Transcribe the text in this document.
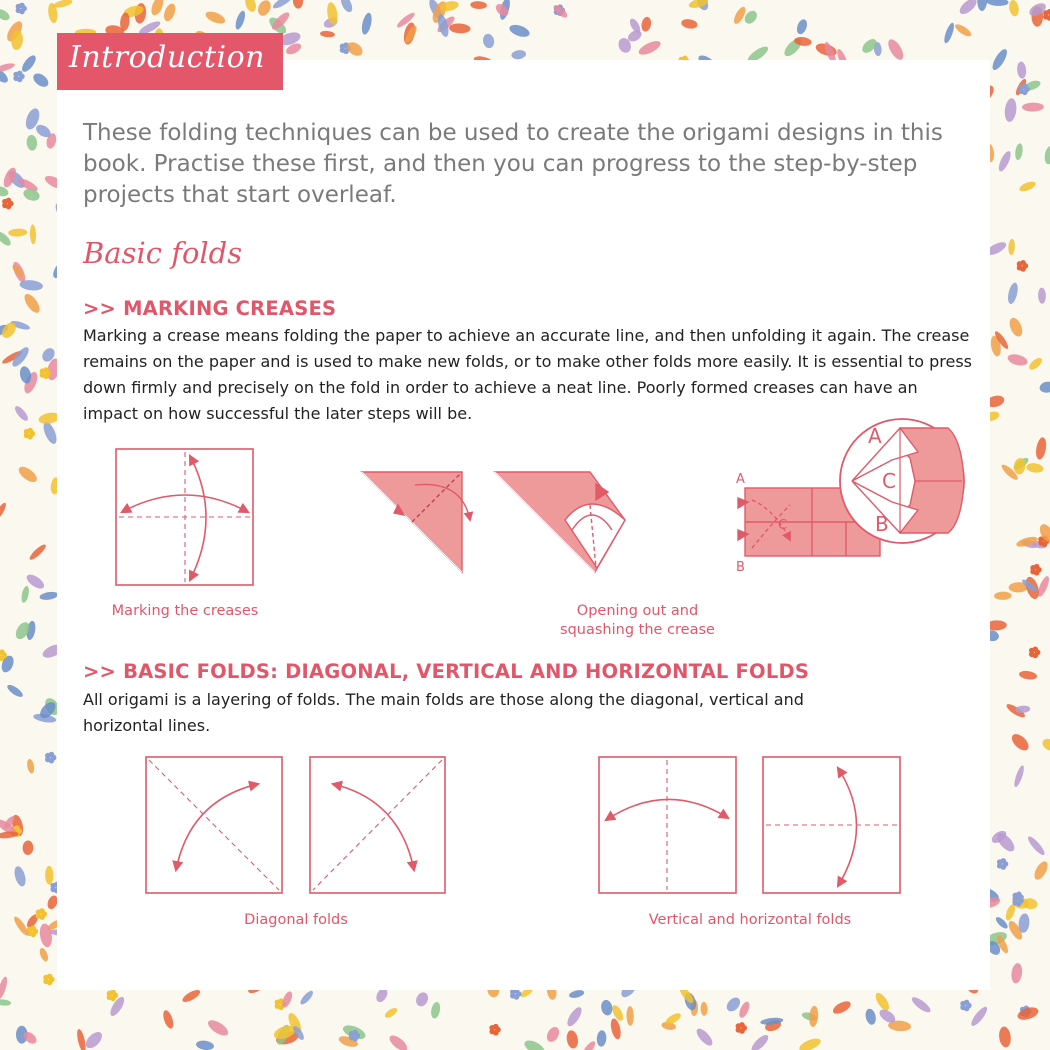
Introduction

These folding techniques can be used to create the origami designs in this book. Practise these first, and then you can progress to the step-by-step projects that start overleaf.

Basic folds
>> MARKING CREASES

Marking a crease means folding the paper to achieve an accurate line, and then unfolding it again. The crease remains on the paper and is used to make new folds, or to make other folds more easily. It is essential to press down firmly and precisely on the fold in order to achieve a neat line. Poorly formed creases can have an impact on how successful the later steps will be.

A
B
C
A
B
C
Marking the creases	Opening out and
squashing the crease
>> BASIC FOLDS: DIAGONAL, VERTICAL AND HORIZONTAL FOLDS

All origami is a layering of folds. The main folds are those along the diagonal, vertical and horizontal lines.

Diagonal folds	Vertical and horizontal folds
